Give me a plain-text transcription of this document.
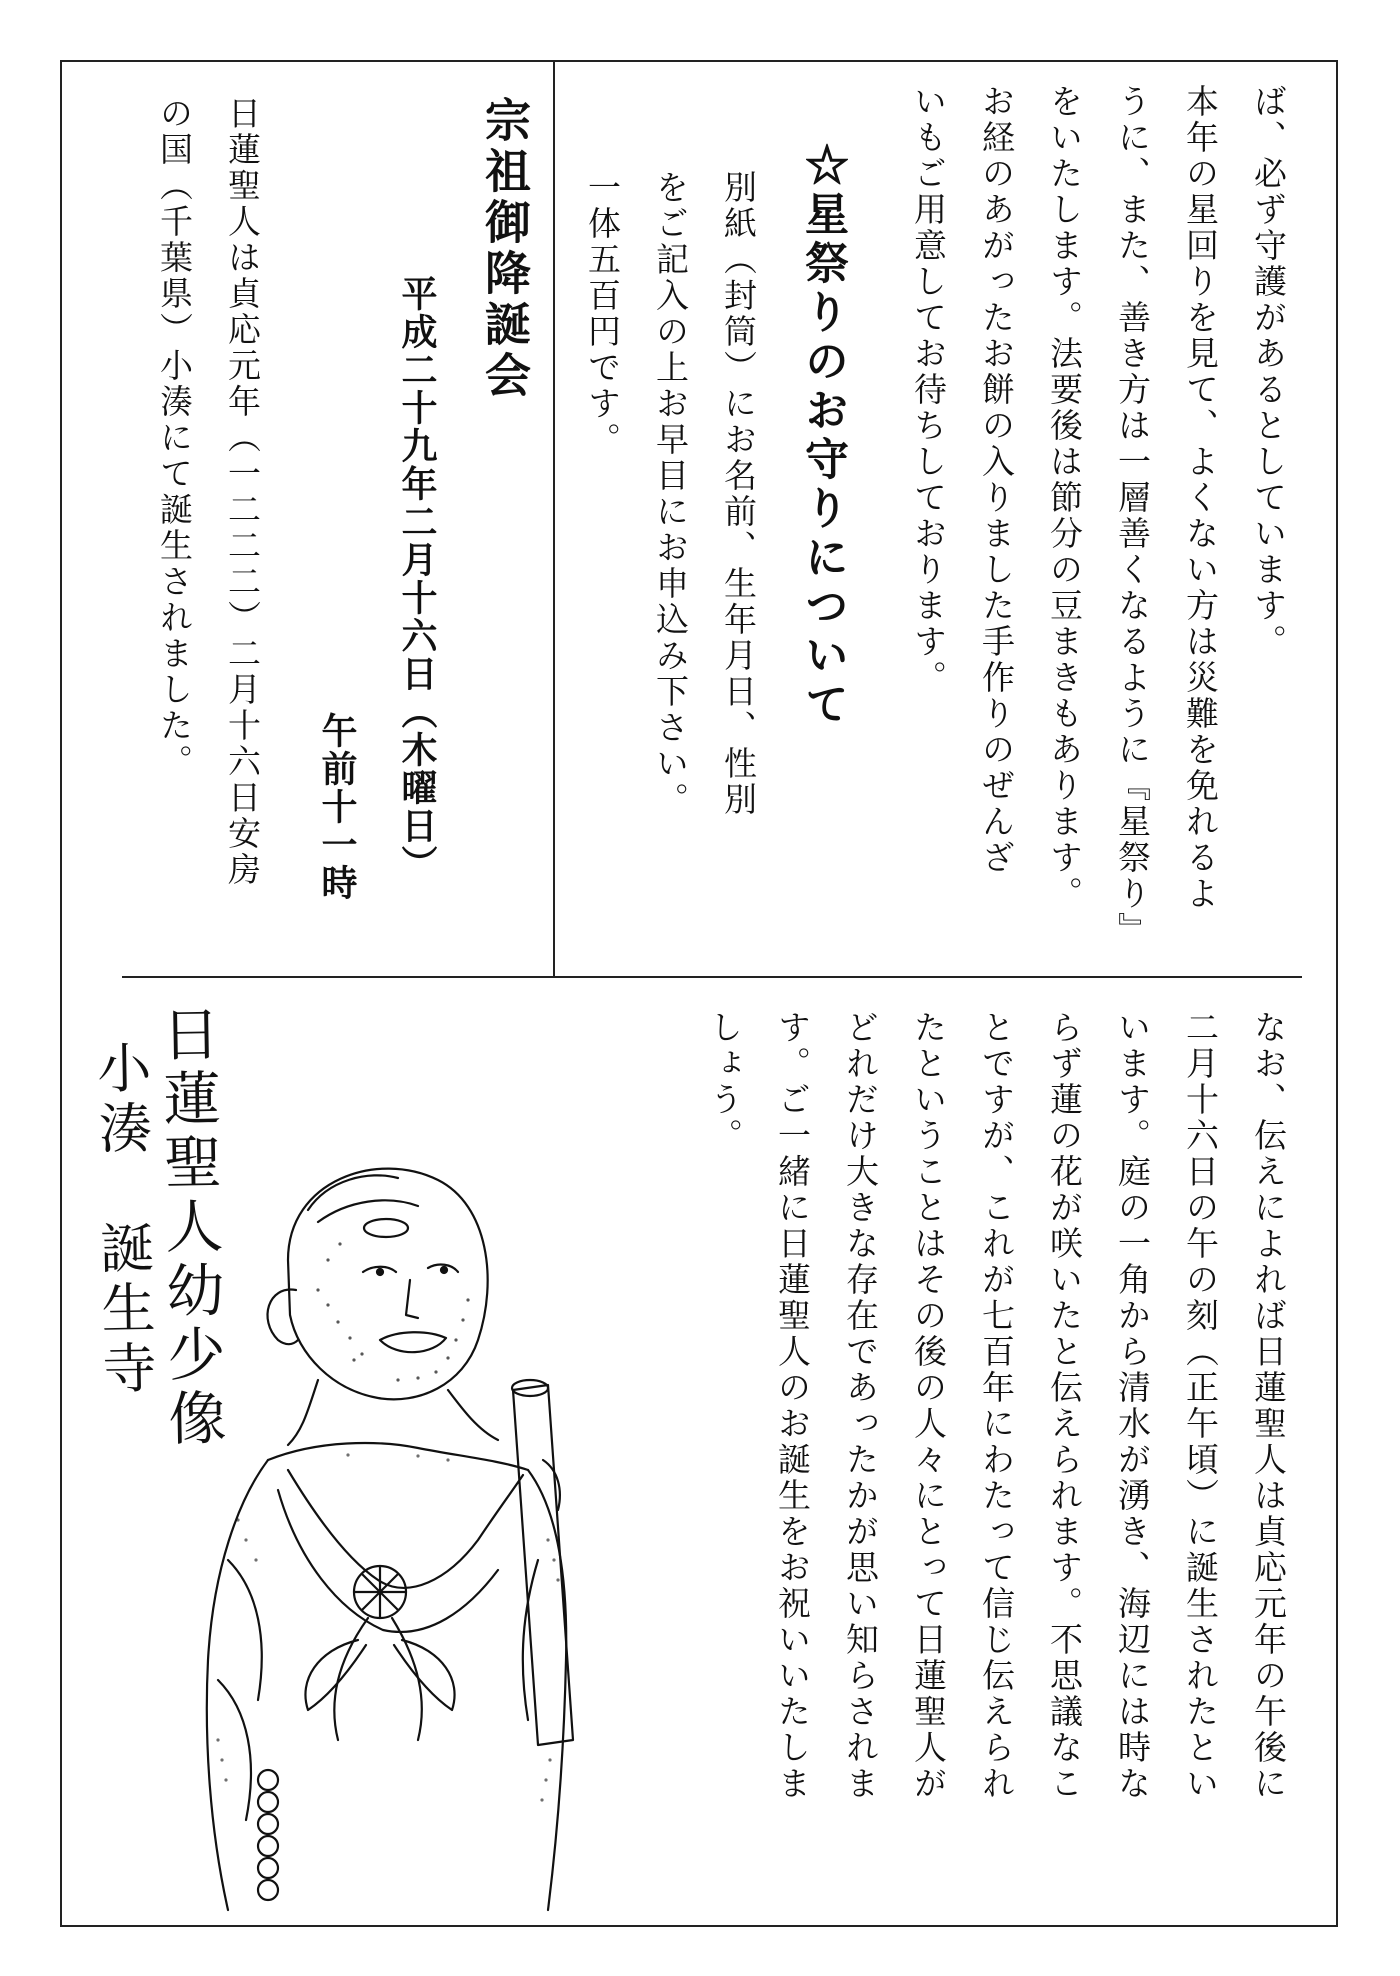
ば、必ず守護があるとしています。
本年の星回りを見て、よくない方は災難を免れるよ
うに、また、善き方は一層善くなるように『星祭り』
をいたします。法要後は節分の豆まきもあります。
お経のあがったお餅の入りました手作りのぜんざ
いもご用意してお待ちしております。
☆星祭りのお守りについて
別紙（封筒）にお名前、生年月日、性別
をご記入の上お早目にお申込み下さい。
一体五百円です。
宗祖御降誕会
平成二十九年二月十六日（木曜日）
午前十一時
日蓮聖人は貞応元年（一二二二）二月十六日安房
の国（千葉県）小湊にて誕生されました。
なお、伝えによれば日蓮聖人は貞応元年の午後に
二月十六日の午の刻（正午頃）に誕生されたとい
います。庭の一角から清水が湧き、海辺には時な
らず蓮の花が咲いたと伝えられます。不思議なこ
とですが、これが七百年にわたって信じ伝えられ
たということはその後の人々にとって日蓮聖人が
どれだけ大きな存在であったかが思い知らされま
す。ご一緒に日蓮聖人のお誕生をお祝いいたしま
しょう。
日蓮聖人幼少像
小湊　誕生寺
